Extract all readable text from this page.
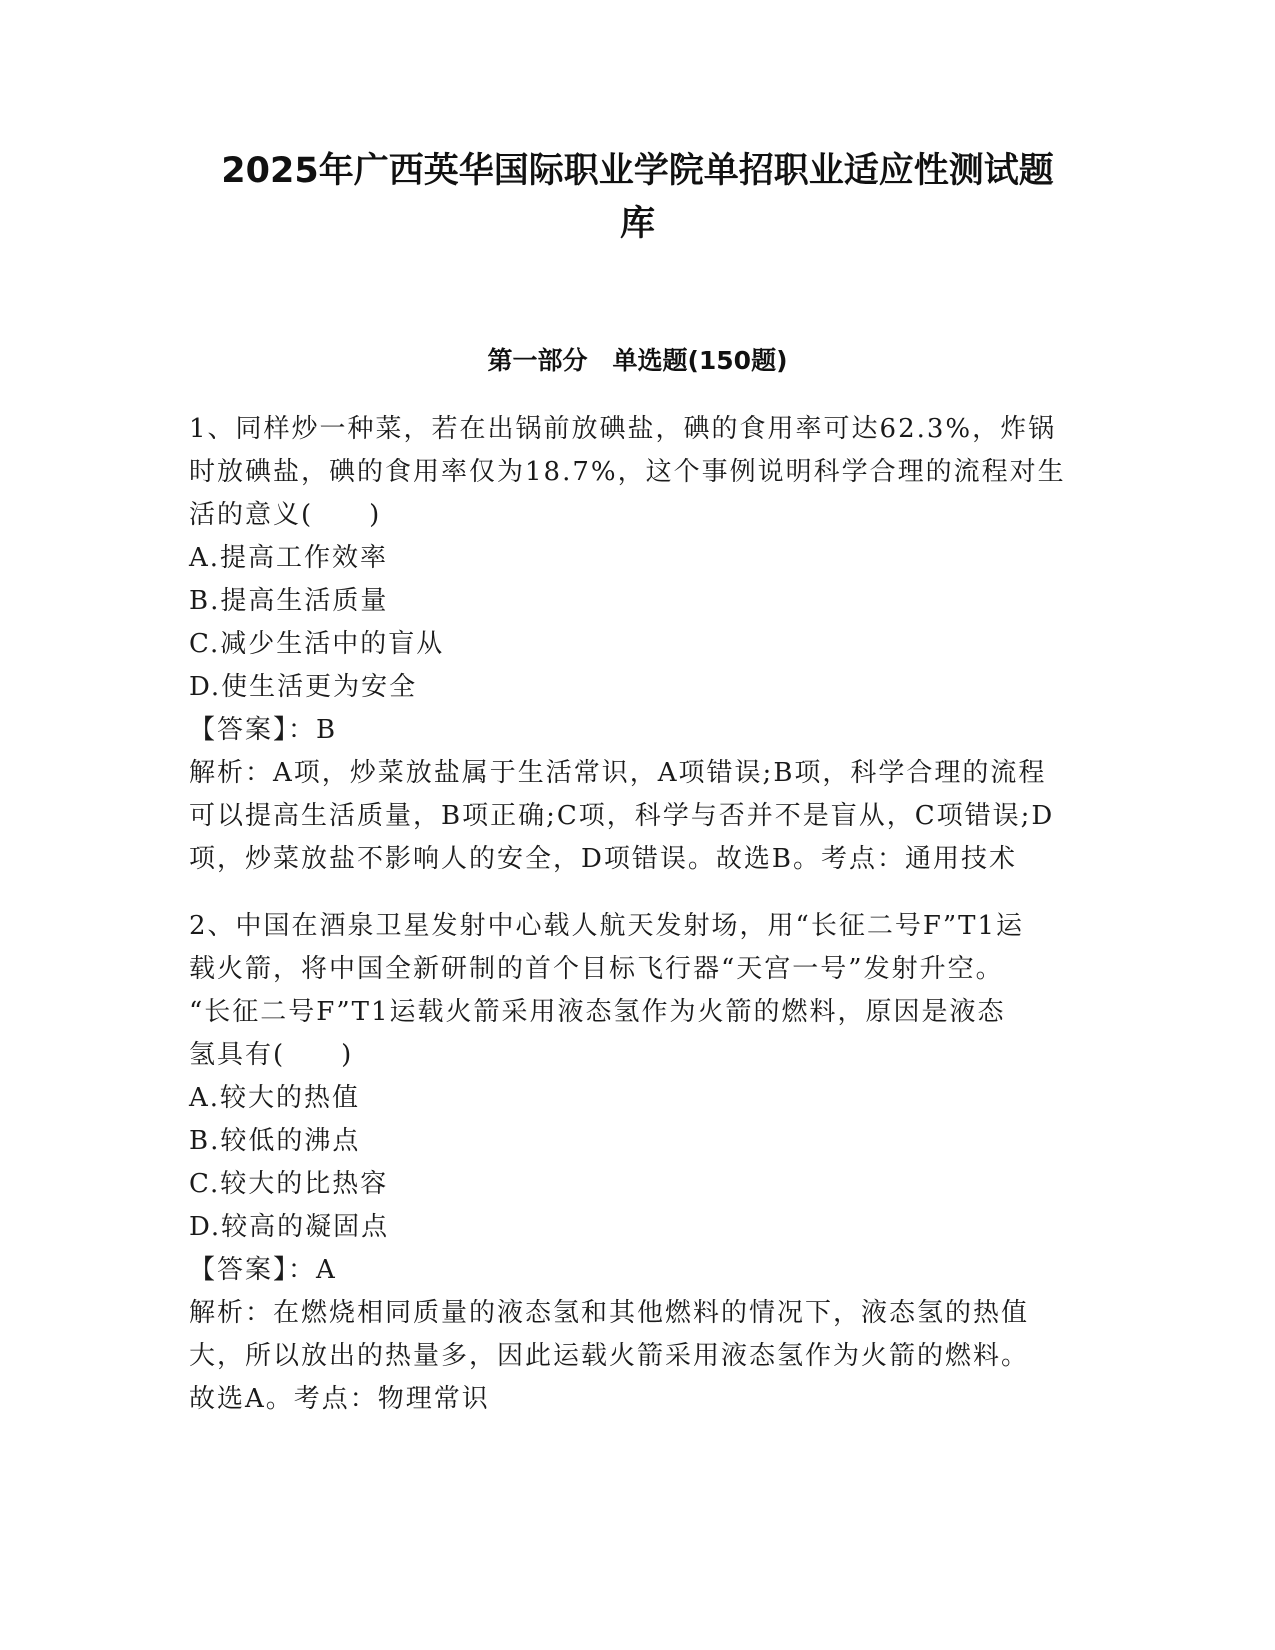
2025年广西英华国际职业学院单招职业适应性测试题
库
第一部分　单选题(150题)
1、同样炒一种菜，若在出锅前放碘盐，碘的食用率可达62.3%，炸锅
时放碘盐，碘的食用率仅为18.7%，这个事例说明科学合理的流程对生
活的意义(　　)
A.提高工作效率
B.提高生活质量
C.减少生活中的盲从
D.使生活更为安全
【答案】：B
解析：A项，炒菜放盐属于生活常识，A项错误;B项，科学合理的流程
可以提高生活质量，B项正确;C项，科学与否并不是盲从，C项错误;D
项，炒菜放盐不影响人的安全，D项错误。故选B。考点：通用技术
2、中国在酒泉卫星发射中心载人航天发射场，用“长征二号F”T1运
载火箭，将中国全新研制的首个目标飞行器“天宫一号”发射升空。
“长征二号F”T1运载火箭采用液态氢作为火箭的燃料，原因是液态
氢具有(　　)
A.较大的热值
B.较低的沸点
C.较大的比热容
D.较高的凝固点
【答案】：A
解析：在燃烧相同质量的液态氢和其他燃料的情况下，液态氢的热值
大，所以放出的热量多，因此运载火箭采用液态氢作为火箭的燃料。
故选A。考点：物理常识
